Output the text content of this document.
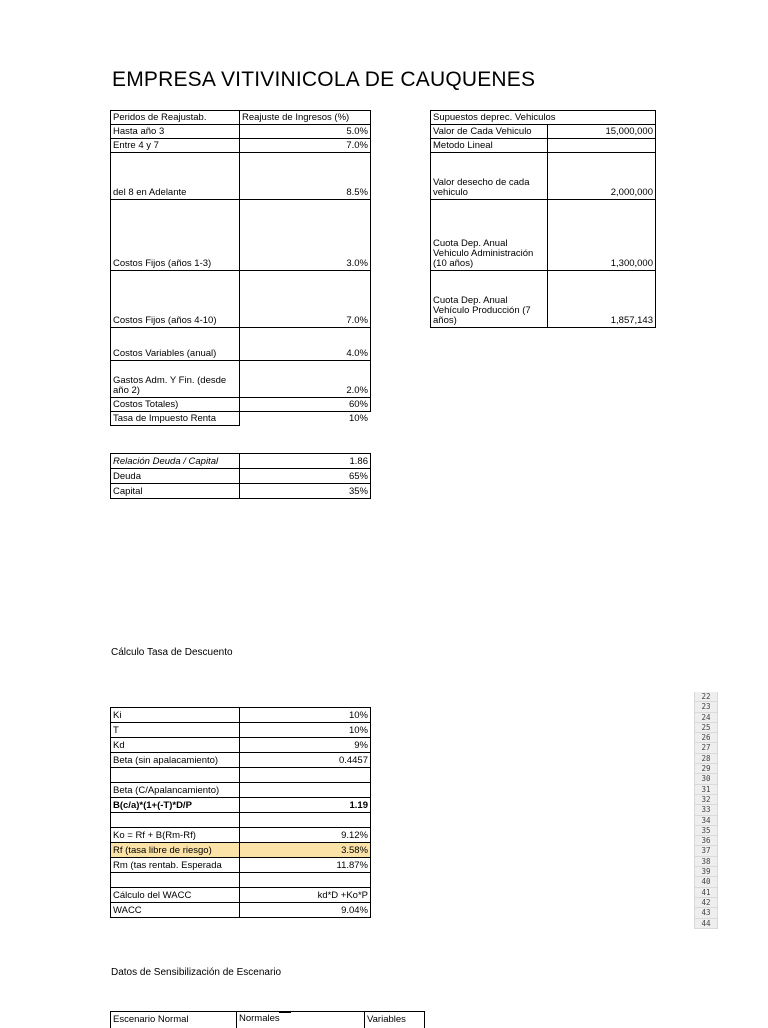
EMPRESA VITIVINICOLA DE CAUQUENES
Peridos de Reajustab.	Reajuste de Ingresos (%)
Hasta año 3	5.0%
Entre 4 y 7	7.0%
del 8 en Adelante	8.5%
Costos Fijos (años 1-3)	3.0%
Costos Fijos (años 4-10)	7.0%
Costos Variables (anual)	4.0%
Gastos Adm. Y Fin. (desde año 2)	2.0%
Costos Totales)	60%
Tasa de Impuesto Renta	10%
Relación Deuda / Capital	1.86
Deuda	65%
Capital	35%
Supuestos deprec. Vehiculos	
Valor de Cada Vehiculo	15,000,000
Metodo Lineal	
Valor desecho de cada vehiculo	2,000,000
Cuota Dep. Anual Vehiculo Administración (10 años)	1,300,000
Cuota Dep. Anual Vehículo Producción (7 años)	1,857,143
Cálculo Tasa de Descuento
Ki	10%
T	10%
Kd	9%
Beta (sin apalacamiento)	0.4457

Beta (C/Apalancamiento)	
B(c/a)*(1+(-T)*D/P	1.19

Ko = Rf + B(Rm-Rf)	9.12%
Rf (tasa libre de riesgo)	3.58%
Rm (tas rentab. Esperada	11.87%

Cálculo del WACC	kd*D +Ko*P
WACC	9.04%
Datos de Sensibilización de Escenario
Escenario Normal	Normales	Variables
22
23
24
25
26
27
28
29
30
31
32
33
34
35
36
37
38
39
40
41
42
43
44
